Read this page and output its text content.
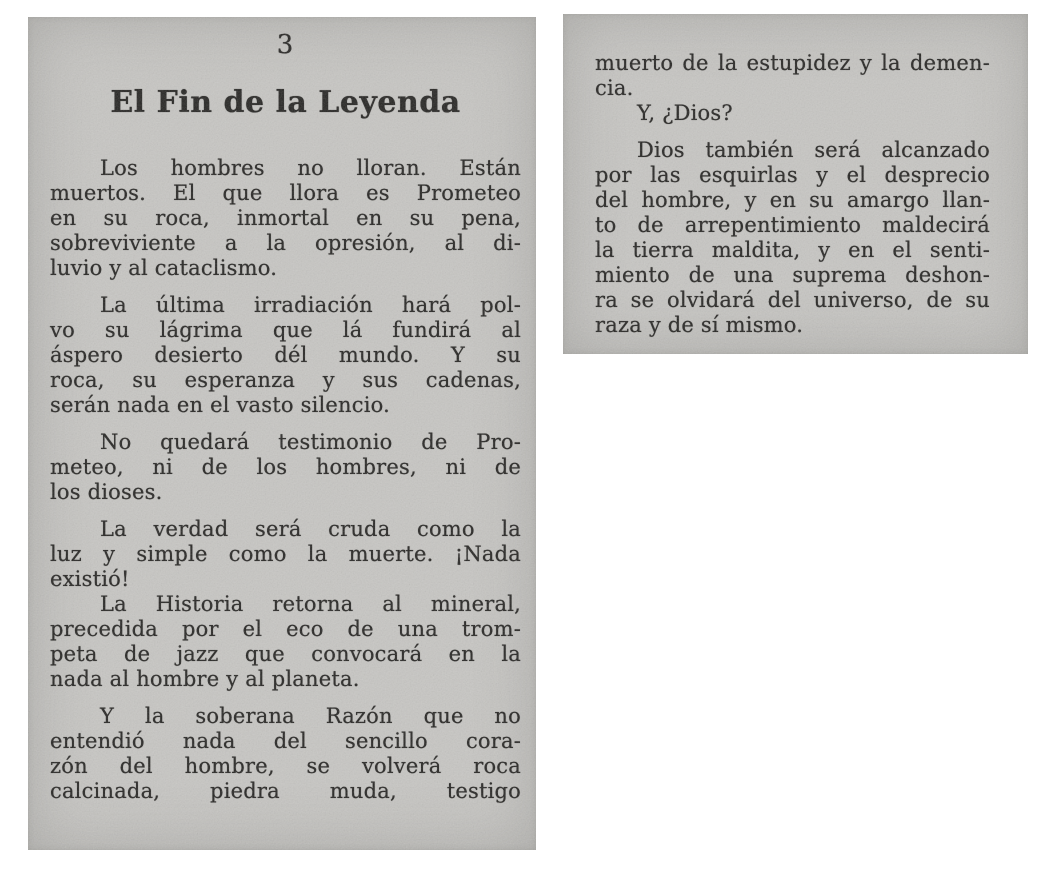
3
El Fin de la Leyenda

Los hombres no lloran. Están
muertos. El que llora es Prometeo
en su roca, inmortal en su pena,
sobreviviente a la opresión, al di-
luvio y al cataclismo.

La última irradiación hará pol-
vo su lágrima que lá fundirá al
áspero desierto dél mundo. Y su
roca, su esperanza y sus cadenas,
serán nada en el vasto silencio.

No quedará testimonio de Pro-
meteo, ni de los hombres, ni de
los dioses.

La verdad será cruda como la
luz y simple como la muerte. ¡Nada
existió!

La Historia retorna al mineral,
precedida por el eco de una trom-
peta de jazz que convocará en la
nada al hombre y al planeta.

Y la soberana Razón que no
entendió nada del sencillo cora-
zón del hombre, se volverá roca
calcinada, piedra muda, testigo

muerto de la estupidez y la demen-
cia.

Y, ¿Dios?

Dios también será alcanzado
por las esquirlas y el desprecio
del hombre, y en su amargo llan-
to de arrepentimiento maldecirá
la tierra maldita, y en el senti-
miento de una suprema deshon-
ra se olvidará del universo, de su
raza y de sí mismo.
